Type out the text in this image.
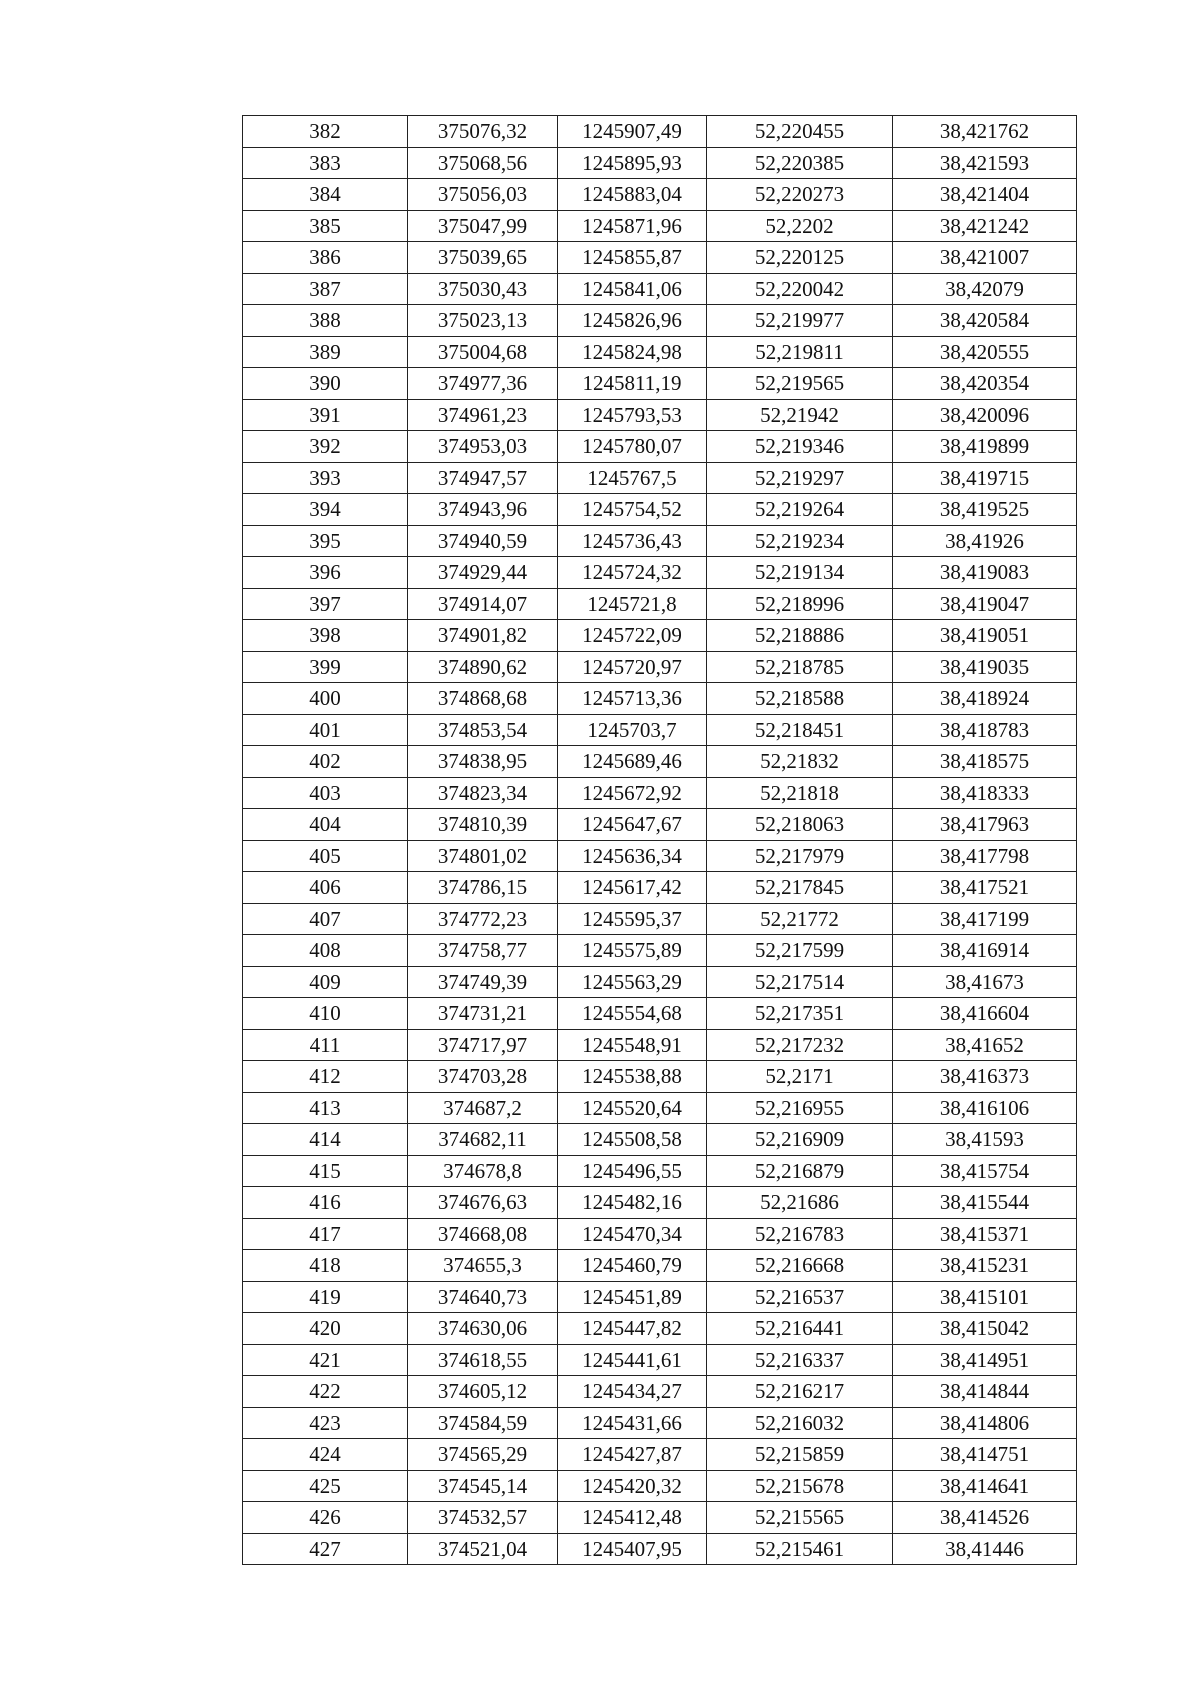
382	375076,32	1245907,49	52,220455	38,421762
383	375068,56	1245895,93	52,220385	38,421593
384	375056,03	1245883,04	52,220273	38,421404
385	375047,99	1245871,96	52,2202	38,421242
386	375039,65	1245855,87	52,220125	38,421007
387	375030,43	1245841,06	52,220042	38,42079
388	375023,13	1245826,96	52,219977	38,420584
389	375004,68	1245824,98	52,219811	38,420555
390	374977,36	1245811,19	52,219565	38,420354
391	374961,23	1245793,53	52,21942	38,420096
392	374953,03	1245780,07	52,219346	38,419899
393	374947,57	1245767,5	52,219297	38,419715
394	374943,96	1245754,52	52,219264	38,419525
395	374940,59	1245736,43	52,219234	38,41926
396	374929,44	1245724,32	52,219134	38,419083
397	374914,07	1245721,8	52,218996	38,419047
398	374901,82	1245722,09	52,218886	38,419051
399	374890,62	1245720,97	52,218785	38,419035
400	374868,68	1245713,36	52,218588	38,418924
401	374853,54	1245703,7	52,218451	38,418783
402	374838,95	1245689,46	52,21832	38,418575
403	374823,34	1245672,92	52,21818	38,418333
404	374810,39	1245647,67	52,218063	38,417963
405	374801,02	1245636,34	52,217979	38,417798
406	374786,15	1245617,42	52,217845	38,417521
407	374772,23	1245595,37	52,21772	38,417199
408	374758,77	1245575,89	52,217599	38,416914
409	374749,39	1245563,29	52,217514	38,41673
410	374731,21	1245554,68	52,217351	38,416604
411	374717,97	1245548,91	52,217232	38,41652
412	374703,28	1245538,88	52,2171	38,416373
413	374687,2	1245520,64	52,216955	38,416106
414	374682,11	1245508,58	52,216909	38,41593
415	374678,8	1245496,55	52,216879	38,415754
416	374676,63	1245482,16	52,21686	38,415544
417	374668,08	1245470,34	52,216783	38,415371
418	374655,3	1245460,79	52,216668	38,415231
419	374640,73	1245451,89	52,216537	38,415101
420	374630,06	1245447,82	52,216441	38,415042
421	374618,55	1245441,61	52,216337	38,414951
422	374605,12	1245434,27	52,216217	38,414844
423	374584,59	1245431,66	52,216032	38,414806
424	374565,29	1245427,87	52,215859	38,414751
425	374545,14	1245420,32	52,215678	38,414641
426	374532,57	1245412,48	52,215565	38,414526
427	374521,04	1245407,95	52,215461	38,41446
